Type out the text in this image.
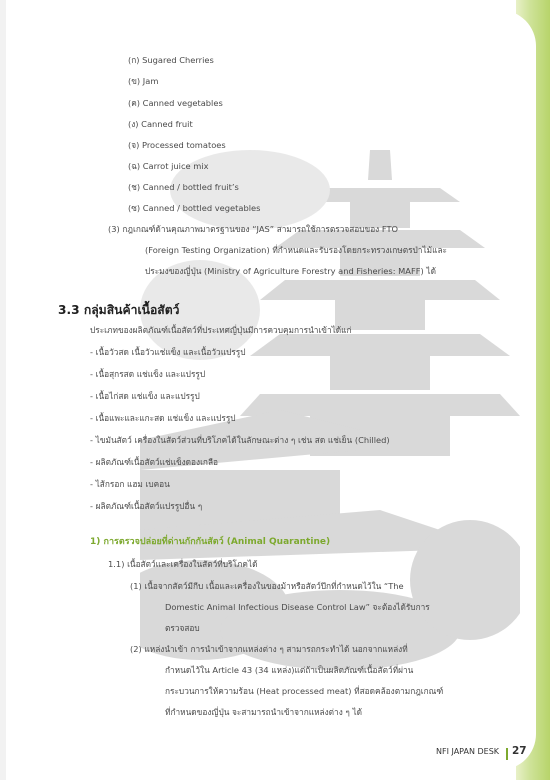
(ก) Sugared Cherries
(ข) Jam
(ค) Canned vegetables
(ง) Canned fruit
(จ) Processed tomatoes
(ฉ) Carrot juice mix
(ช) Canned / bottled fruit’s
(ซ) Canned / bottled vegetables
(3) กฎเกณฑ์ด้านคุณภาพมาตรฐานของ “JAS” สามารถใช้การตรวจสอบของ FTO
(Foreign Testing Organization) ที่กำหนดและรับรองโดยกระทรวงเกษตรป่าไม้และ
ประมงของญี่ปุ่น (Ministry of Agriculture Forestry and Fisheries: MAFF) ได้
3.3 กลุ่มสินค้าเนื้อสัตว์
ประเภทของผลิตภัณฑ์เนื้อสัตว์ที่ประเทศญี่ปุ่นมีการควบคุมการนำเข้าได้แก่
- เนื้อวัวสด เนื้อวัวแช่แข็ง และเนื้อวัวแปรรูป
- เนื้อสุกรสด แช่แข็ง และแปรรูป
- เนื้อไก่สด แช่แข็ง และแปรรูป
- เนื้อแพะและแกะสด แช่แข็ง และแปรรูป
- ไขมันสัตว์ เครื่องในสัตว์ส่วนที่บริโภคได้ในลักษณะต่าง ๆ เช่น สด แช่เย็น (Chilled)
- ผลิตภัณฑ์เนื้อสัตว์แช่แข็งดองเกลือ
- ไส้กรอก แฮม เบคอน
- ผลิตภัณฑ์เนื้อสัตว์แปรรูปอื่น ๆ
1) การตรวจปล่อยที่ด่านกักกันสัตว์ (Animal Quarantine)
1.1) เนื้อสัตว์และเครื่องในสัตว์ที่บริโภคได้
(1) เนื้อจากสัตว์มีกีบ เนื้อและเครื่องในของม้าหรือสัตว์ปีกที่กำหนดไว้ใน “The
Domestic Animal Infectious Disease Control Law” จะต้องได้รับการ
ตรวจสอบ
(2) แหล่งนำเข้า การนำเข้าจากแหล่งต่าง ๆ สามารถกระทำได้ นอกจากแหล่งที่
กำหนดไว้ใน Article 43 (34 แหล่ง)แต่ถ้าเป็นผลิตภัณฑ์เนื้อสัตว์ที่ผ่าน
กระบวนการให้ความร้อน (Heat processed meat) ที่สอดคล้องตามกฎเกณฑ์
ที่กำหนดของญี่ปุ่น จะสามารถนำเข้าจากแหล่งต่าง ๆ ได้
NFI JAPAN DESK 27
